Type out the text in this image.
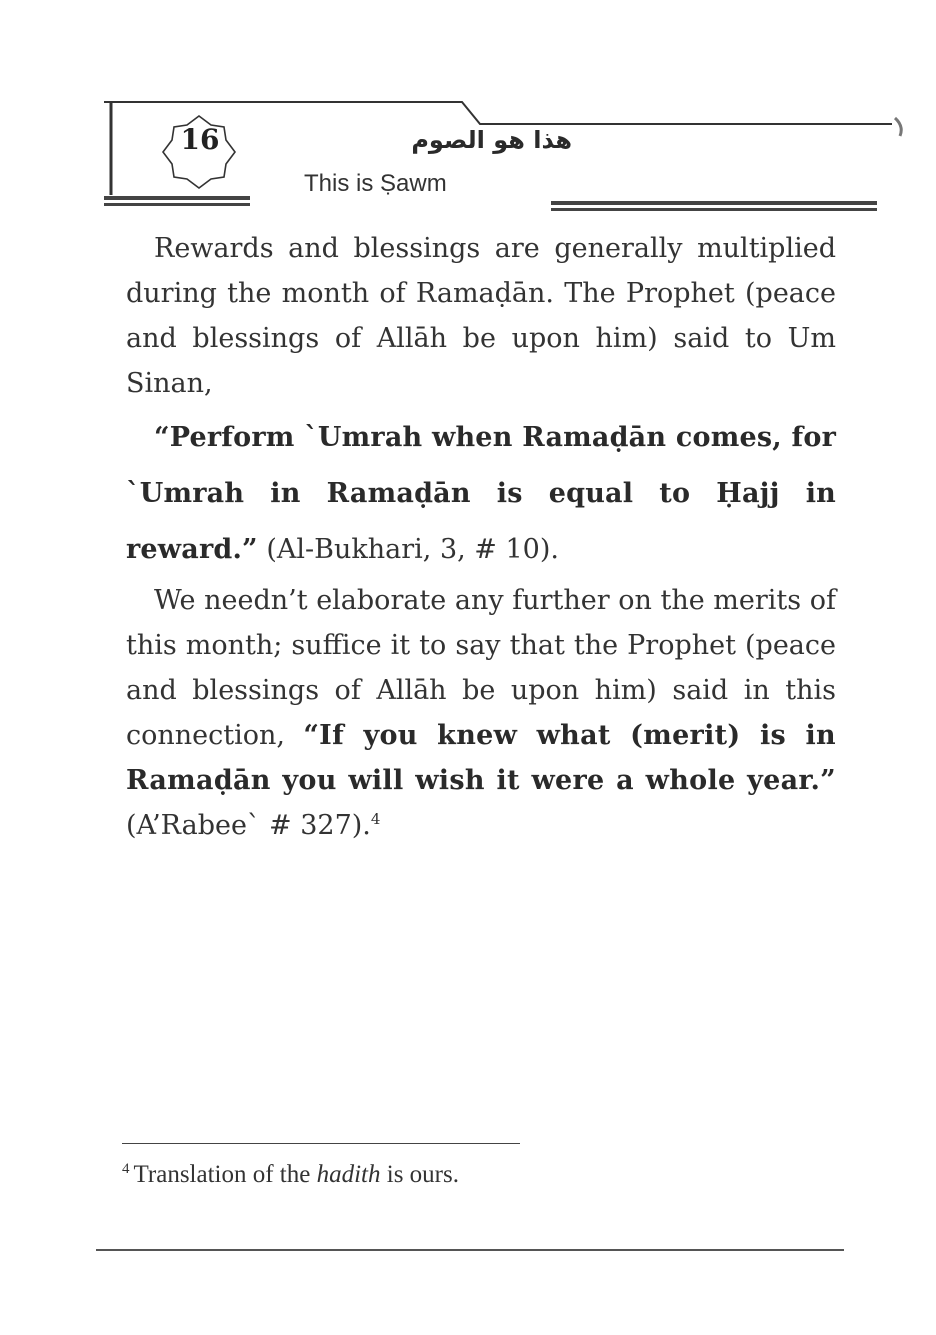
16	هذا هو الصوم
This is Ṣawm

Rewards and blessings are generally multiplied during the month of Ramaḍān. The Prophet (peace and blessings of Allāh be upon him) said to Um Sinan,

“Perform `Umrah when Ramaḍān comes, for `Umrah in Ramaḍān is equal to Ḥajj in reward.” (Al-Bukhari, 3, # 10).

We needn’t elaborate any further on the merits of this month; suffice it to say that the Prophet (peace and blessings of Allāh be upon him) said in this connection, “If you knew what (merit) is in Ramaḍān you will wish it were a whole year.” (A’Rabee` # 327).$^4$

$^4$ Translation of the hadith is ours.
